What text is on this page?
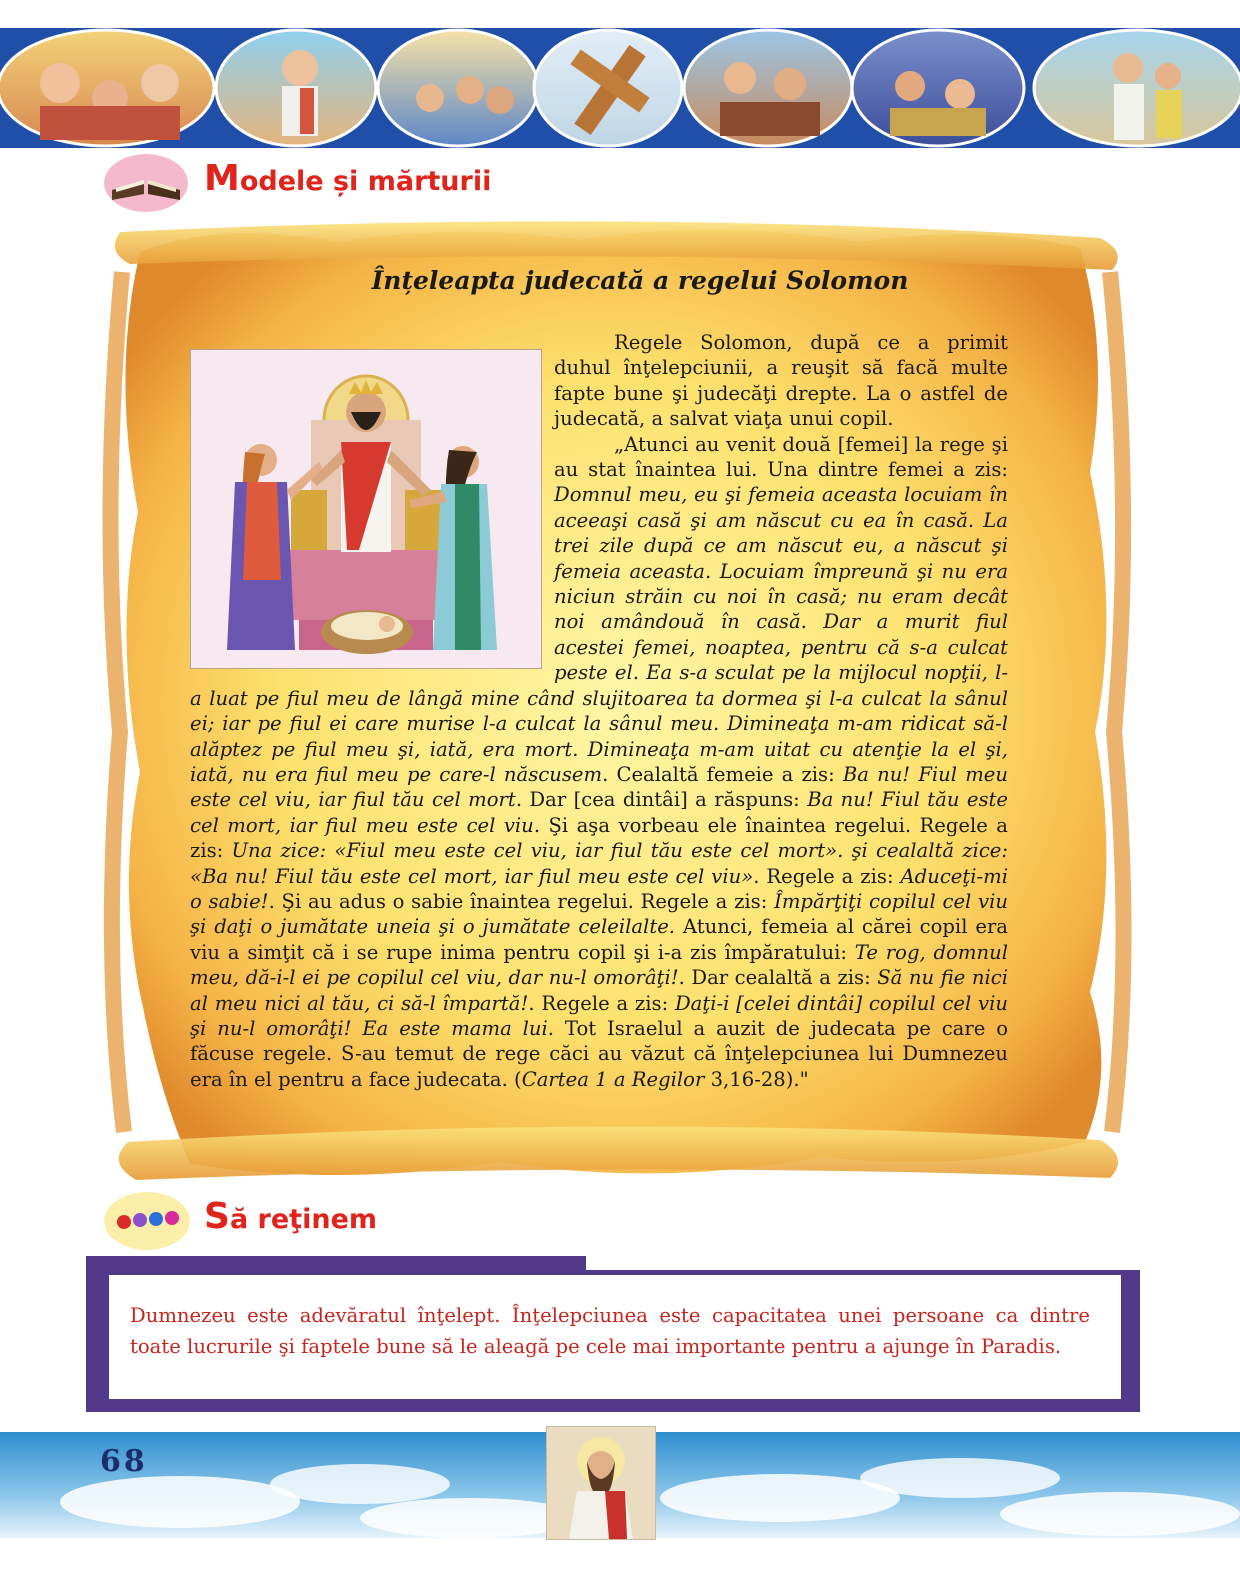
Modele și mărturii
Înțeleapta judecată a regelui Solomon

Regele Solomon, după ce a primit duhul înţelepciunii, a reuşit să facă multe fapte bune şi judecăţi drepte. La o astfel de judecată, a salvat viaţa unui copil.

„Atunci au venit două [femei] la rege şi au stat înaintea lui. Una dintre femei a zis: Domnul meu, eu şi femeia aceasta locuiam în aceeaşi casă şi am născut cu ea în casă. La trei zile după ce am născut eu, a născut şi femeia aceasta. Locuiam împreună şi nu era niciun străin cu noi în casă; nu eram decât noi amândouă în casă. Dar a murit fiul acestei femei, noaptea, pentru că s-a culcat peste el. Ea s-a sculat pe la mijlocul nopţii, l-a luat pe fiul meu de lângă mine când slujitoarea ta dormea şi l-a culcat la sânul ei; iar pe fiul ei care murise l-a culcat la sânul meu. Dimineaţa m-am ridicat să-l alăptez pe fiul meu şi, iată, era mort. Dimineaţa m-am uitat cu atenţie la el şi, iată, nu era fiul meu pe care-l născusem. Cealaltă femeie a zis: Ba nu! Fiul meu este cel viu, iar fiul tău cel mort. Dar [cea dintâi] a răspuns: Ba nu! Fiul tău este cel mort, iar fiul meu este cel viu. Şi aşa vorbeau ele înaintea regelui. Regele a zis: Una zice: «Fiul meu este cel viu, iar fiul tău este cel mort». şi cealaltă zice: «Ba nu! Fiul tău este cel mort, iar fiul meu este cel viu». Regele a zis: Aduceţi-mi o sabie!. Şi au adus o sabie înaintea regelui. Regele a zis: Împărţiţi copilul cel viu şi daţi o jumătate uneia şi o jumătate celeilalte. Atunci, femeia al cărei copil era viu a simţit că i se rupe inima pentru copil şi i-a zis împăratului: Te rog, domnul meu, dă-i-l ei pe copilul cel viu, dar nu-l omorâţi!. Dar cealaltă a zis: Să nu fie nici al meu nici al tău, ci să-l împartă!. Regele a zis: Daţi-i [celei dintâi] copilul cel viu şi nu-l omorâţi! Ea este mama lui. Tot Israelul a auzit de judecata pe care o făcuse regele. S-au temut de rege căci au văzut că înţelepciunea lui Dumnezeu era în el pentru a face judecata. (Cartea 1 a Regilor 3,16-28)."

Să reţinem
Dumnezeu este adevăratul înţelept. Înţelepciunea este capacitatea unei persoane ca dintre toate lucrurile şi faptele bune să le aleagă pe cele mai importante pentru a ajunge în Paradis.
68
